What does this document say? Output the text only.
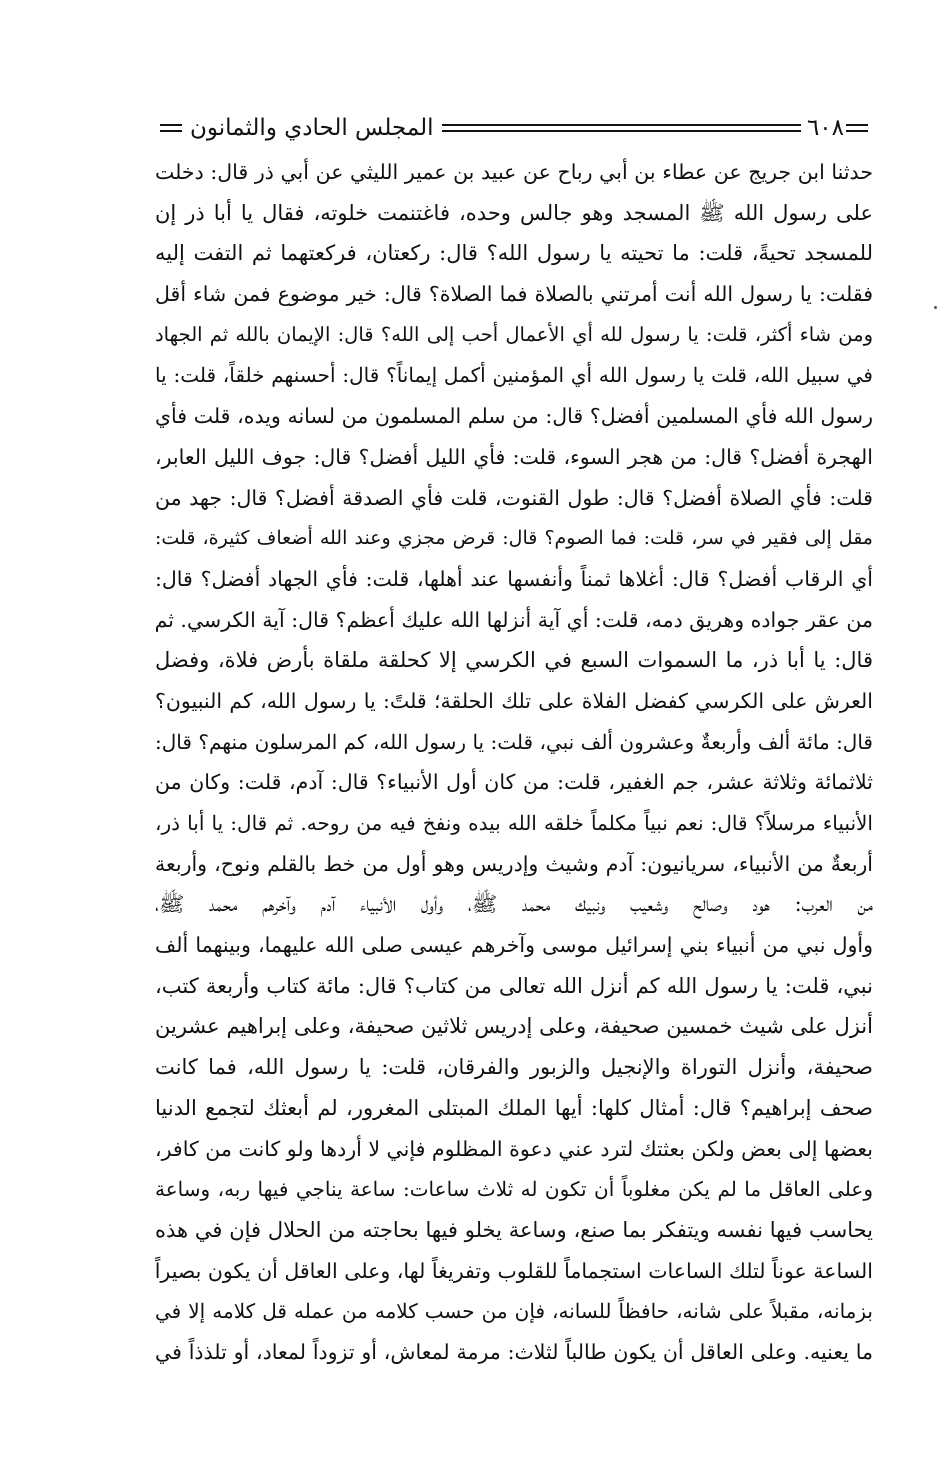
٦٠٨
المجلس الحادي والثمانون
حدثنا ابن جريج عن عطاء بن أبي رباح عن عبيد بن عمير الليثي عن أبي ذر قال: دخلت
على رسول الله ﷺ المسجد وهو جالس وحده، فاغتنمت خلوته، فقال يا أبا ذر إن
للمسجد تحيةً، قلت: ما تحيته يا رسول الله؟ قال: ركعتان، فركعتهما ثم التفت إليه
فقلت: يا رسول الله أنت أمرتني بالصلاة فما الصلاة؟ قال: خير موضوع فمن شاء أقل
ومن شاء أكثر، قلت: يا رسول لله أي الأعمال أحب إلى الله؟ قال: الإيمان بالله ثم الجهاد
في سبيل الله، قلت يا رسول الله أي المؤمنين أكمل إيماناً؟ قال: أحسنهم خلقاً، قلت: يا
رسول الله فأي المسلمين أفضل؟ قال: من سلم المسلمون من لسانه ويده، قلت فأي
الهجرة أفضل؟ قال: من هجر السوء، قلت: فأي الليل أفضل؟ قال: جوف الليل العابر،
قلت: فأي الصلاة أفضل؟ قال: طول القنوت، قلت فأي الصدقة أفضل؟ قال: جهد من
مقل إلى فقير في سر، قلت: فما الصوم؟ قال: قرض مجزي وعند الله أضعاف كثيرة، قلت:
أي الرقاب أفضل؟ قال: أغلاها ثمناً وأنفسها عند أهلها، قلت: فأي الجهاد أفضل؟ قال:
من عقر جواده وهريق دمه، قلت: أي آية أنزلها الله عليك أعظم؟ قال: آية الكرسي. ثم
قال: يا أبا ذر، ما السموات السبع في الكرسي إلا كحلقة ملقاة بأرض فلاة، وفضل
العرش على الكرسي كفضل الفلاة على تلك الحلقة؛ قلتً: يا رسول الله، كم النبيون؟
قال: مائة ألف وأربعةٌ وعشرون ألف نبي، قلت: يا رسول الله، كم المرسلون منهم؟ قال:
ثلاثمائة وثلاثة عشر، جم الغفير، قلت: من كان أول الأنبياء؟ قال: آدم، قلت: وكان من
الأنبياء مرسلاً؟ قال: نعم نبياً مكلماً خلقه الله بيده ونفخ فيه من روحه. ثم قال: يا أبا ذر،
أربعةٌ من الأنبياء، سريانيون: آدم وشيث وإدريس وهو أول من خط بالقلم ونوح، وأربعة
من العرب: هود وصالح وشعيب ونبيك محمد ﷺ، وأول الأنبياء آدم وآخرهم محمد ﷺ،
وأول نبي من أنبياء بني إسرائيل موسى وآخرهم عيسى صلى الله عليهما، وبينهما ألف
نبي، قلت: يا رسول الله كم أنزل الله تعالى من كتاب؟ قال: مائة كتاب وأربعة كتب،
أنزل على شيث خمسين صحيفة، وعلى إدريس ثلاثين صحيفة، وعلى إبراهيم عشرين
صحيفة، وأنزل التوراة والإنجيل والزبور والفرقان، قلت: يا رسول الله، فما كانت
صحف إبراهيم؟ قال: أمثال كلها: أيها الملك المبتلى المغرور، لم أبعثك لتجمع الدنيا
بعضها إلى بعض ولكن بعثتك لترد عني دعوة المظلوم فإني لا أردها ولو كانت من كافر،
وعلى العاقل ما لم يكن مغلوباً أن تكون له ثلاث ساعات: ساعة يناجي فيها ربه، وساعة
يحاسب فيها نفسه ويتفكر بما صنع، وساعة يخلو فيها بحاجته من الحلال فإن في هذه
الساعة عوناً لتلك الساعات استجماماً للقلوب وتفريغاً لها، وعلى العاقل أن يكون بصيراً
بزمانه، مقبلاً على شانه، حافظاً للسانه، فإن من حسب كلامه من عمله قل كلامه إلا في
ما يعنيه. وعلى العاقل أن يكون طالباً لثلاث: مرمة لمعاش، أو تزوداً لمعاد، أو تلذذاً في
